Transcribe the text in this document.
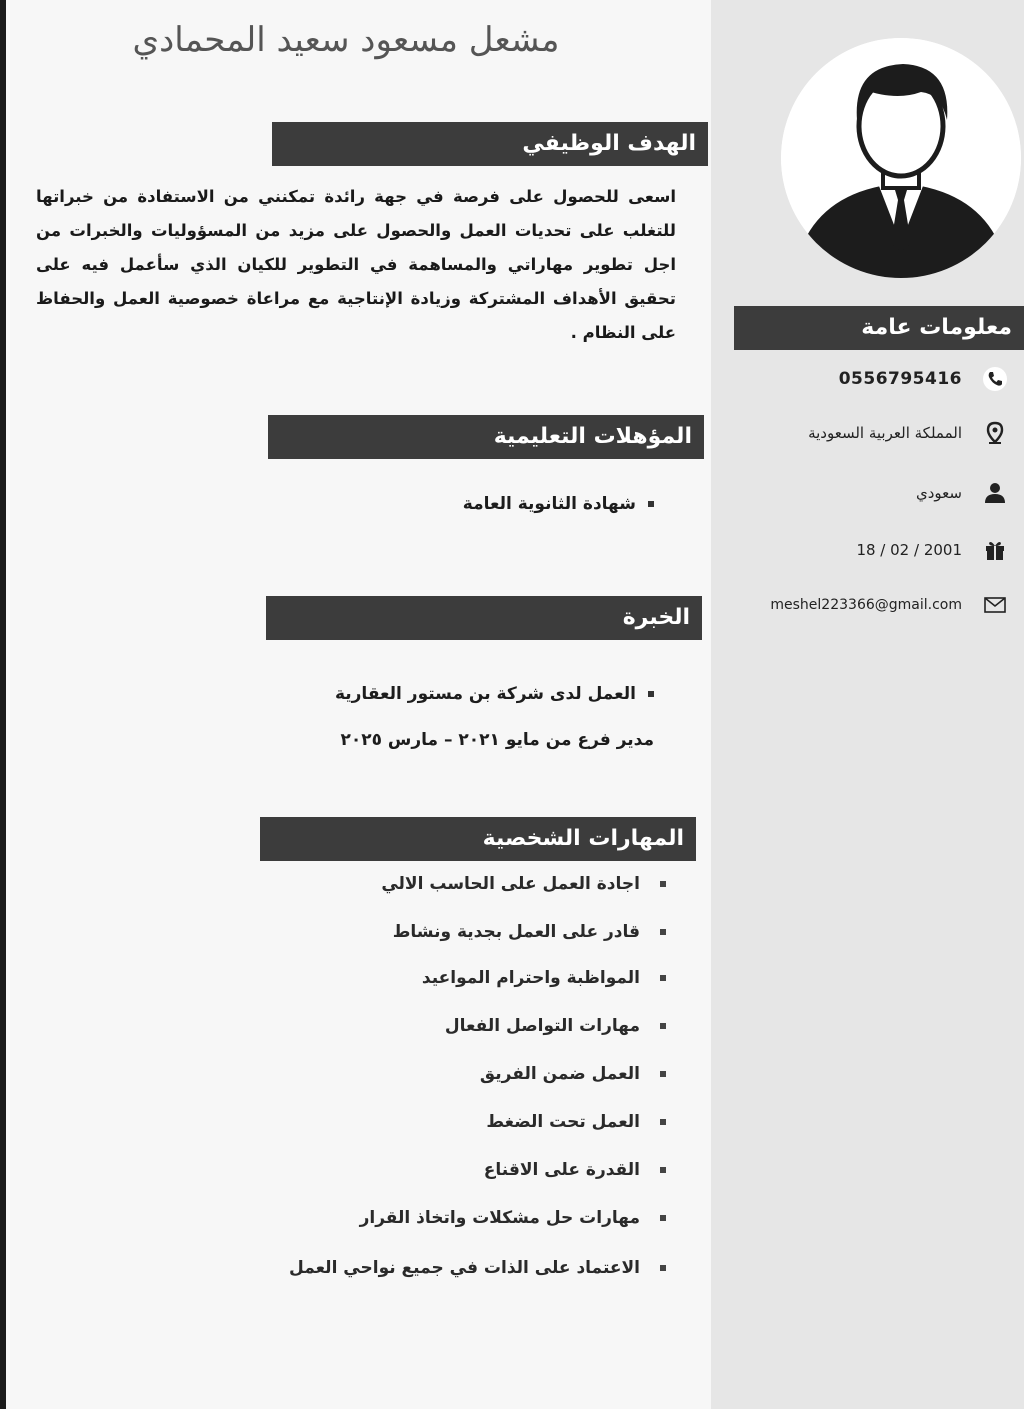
مشعل مسعود سعيد المحمادي
الهدف الوظيفي
اسعى للحصول على فرصة في جهة رائدة تمكنني من الاستفادة من خبراتها للتغلب على تحديات العمل والحصول على مزيد من المسؤوليات والخبرات من اجل تطوير مهاراتي والمساهمة في التطوير للكيان الذي سأعمل فيه على تحقيق الأهداف المشتركة وزيادة الإنتاجية مع مراعاة خصوصية العمل والحفاظ على النظام .
المؤهلات التعليمية
شهادة الثانوية العامة
الخبرة
العمل لدى شركة بن مستور العقارية
مدير فرع من مايو ٢٠٢١ – مارس ٢٠٢٥
المهارات الشخصية
اجادة العمل على الحاسب الالي
قادر على العمل بجدية ونشاط
المواظبة واحترام المواعيد
مهارات التواصل الفعال
العمل ضمن الفريق
العمل تحت الضغط
القدرة على الاقناع
مهارات حل مشكلات واتخاذ القرار
الاعتماد على الذات في جميع نواحي العمل
معلومات عامة
0556795416
المملكة العربية السعودية
سعودي
2001 / 02 / 18
meshel223366@gmail.com
